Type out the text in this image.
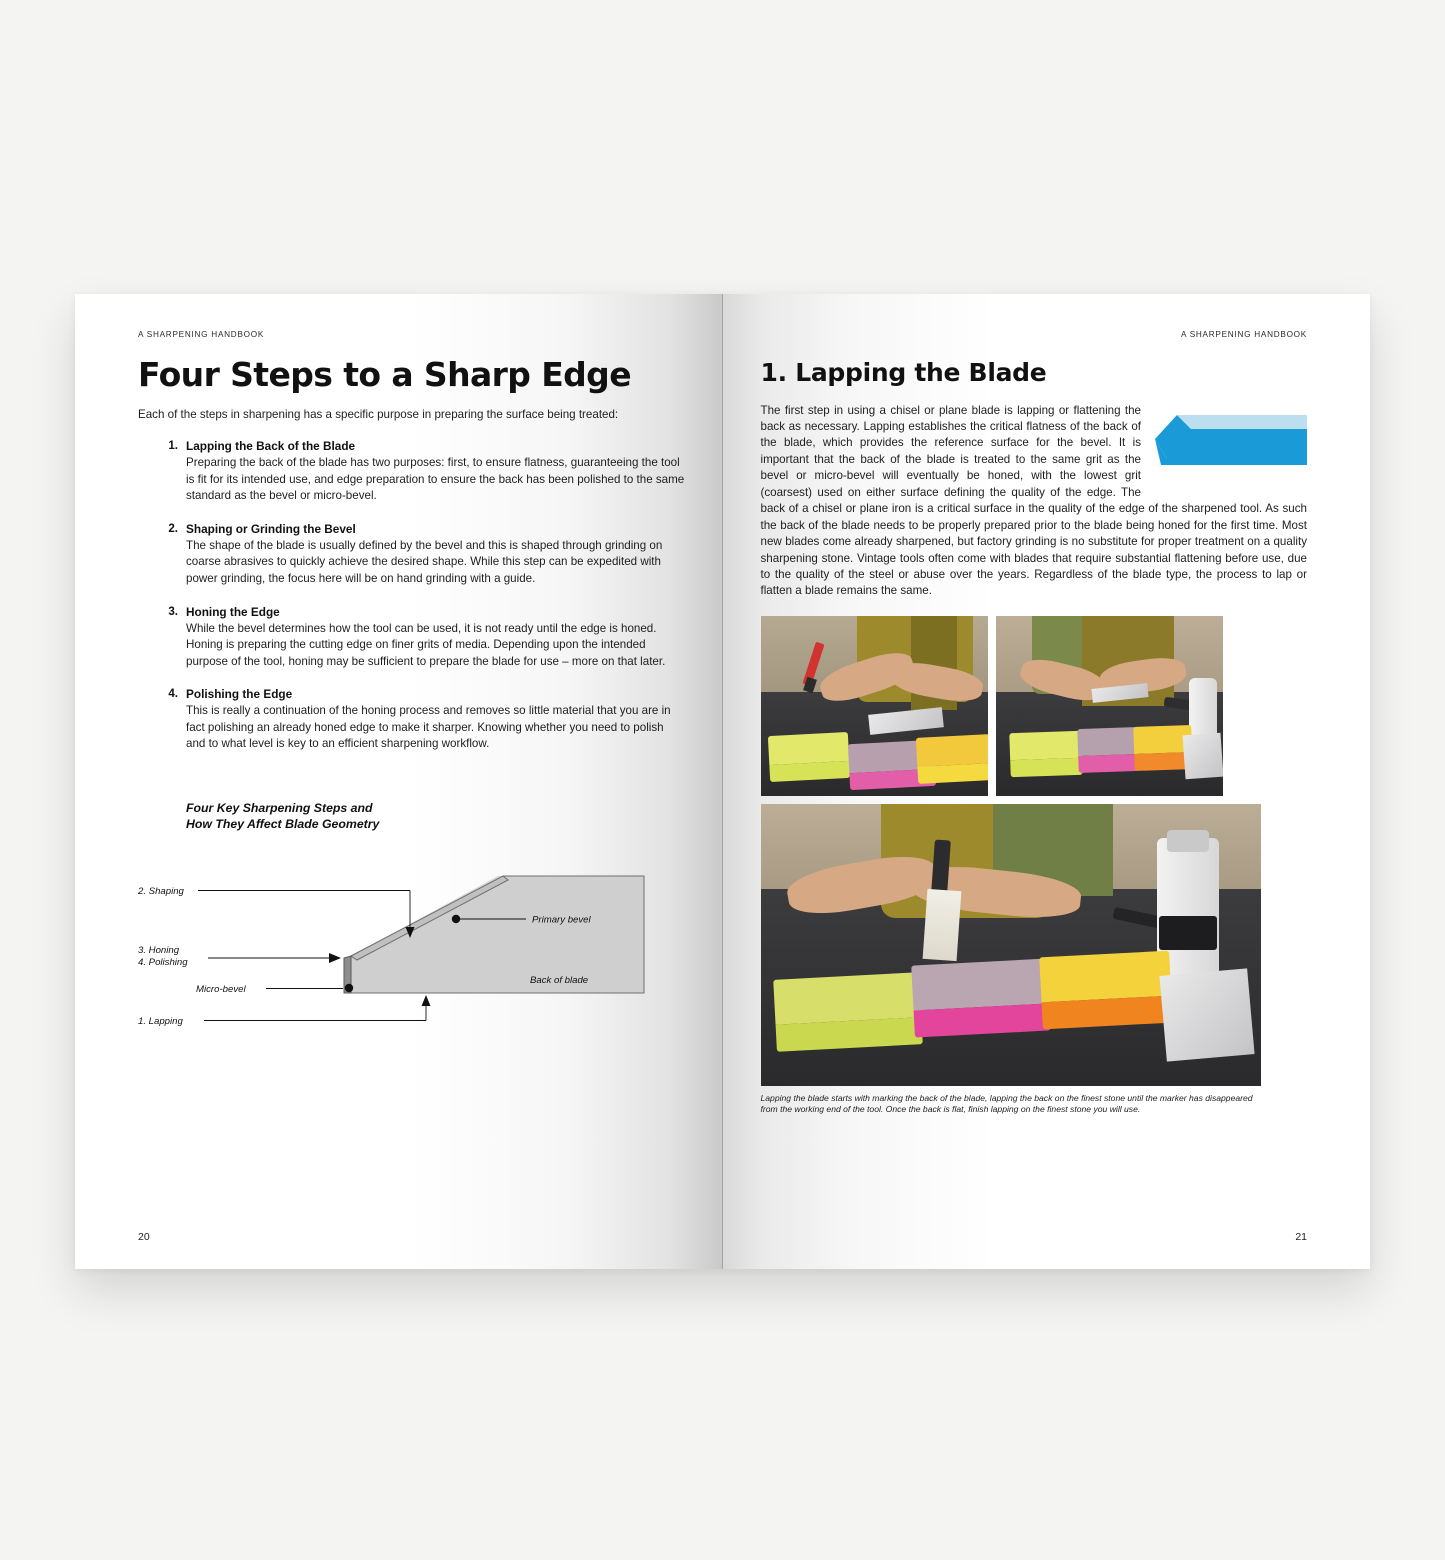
A SHARPENING HANDBOOK
Four Steps to a Sharp Edge

Each of the steps in sharpening has a specific purpose in preparing the surface being treated:

1. Lapping the Back of the Blade
Preparing the back of the blade has two purposes: first, to ensure flatness, guaranteeing the tool is fit for its intended use, and edge preparation to ensure the back has been polished to the same standard as the bevel or micro-bevel.
2. Shaping or Grinding the Bevel
The shape of the blade is usually defined by the bevel and this is shaped through grinding on coarse abrasives to quickly achieve the desired shape. While this step can be expedited with power grinding, the focus here will be on hand grinding with a guide.
3. Honing the Edge
While the bevel determines how the tool can be used, it is not ready until the edge is honed. Honing is preparing the cutting edge on finer grits of media. Depending upon the intended purpose of the tool, honing may be sufficient to prepare the blade for use – more on that later.
4. Polishing the Edge
This is really a continuation of the honing process and removes so little material that you are in fact polishing an already honed edge to make it sharper. Knowing whether you need to polish and to what level is key to an efficient sharpening workflow.
Four Key Sharpening Steps and
How They Affect Blade Geometry
2. Shaping
3. Honing
4. Polishing
Micro-bevel
1. Lapping
Primary bevel
Back of blade
20
A SHARPENING HANDBOOK
1. Lapping the Blade

The first step in using a chisel or plane blade is lapping or flattening the back as necessary. Lapping establishes the critical flatness of the back of the blade, which provides the reference surface for the bevel. It is important that the back of the blade is treated to the same grit as the bevel or micro-bevel will eventually be honed, with the lowest grit (coarsest) used on either surface defining the quality of the edge. The back of a chisel or plane iron is a critical surface in the quality of the edge of the sharpened tool. As such the back of the blade needs to be properly prepared prior to the blade being honed for the first time. Most new blades come already sharpened, but factory grinding is no substitute for proper treatment on a quality sharpening stone. Vintage tools often come with blades that require substantial flattening before use, due to the quality of the steel or abuse over the years. Regardless of the blade type, the process to lap or flatten a blade remains the same.

Lapping the blade starts with marking the back of the blade, lapping the back on the finest stone until the marker has disappeared from the working end of the tool. Once the back is flat, finish lapping on the finest stone you will use.
21
